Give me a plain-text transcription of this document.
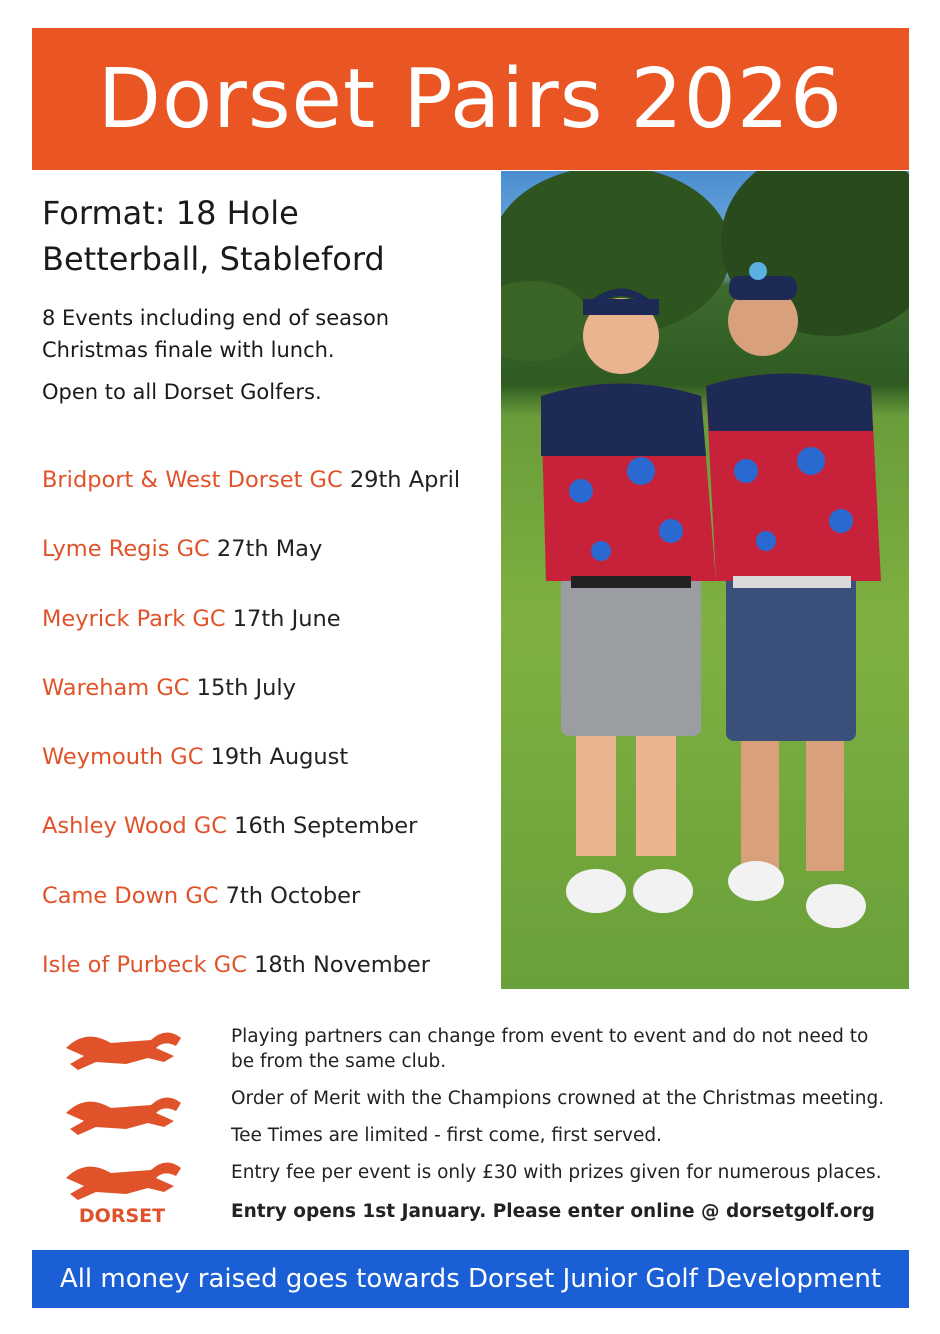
Dorset Pairs 2026
Format: 18 Hole
Betterball, Stableford

8 Events including end of season
Christmas finale with lunch.

Open to all Dorset Golfers.

Bridport & West Dorset GC 29th April
Lyme Regis GC 27th May
Meyrick Park GC 17th June
Wareham GC 15th July
Weymouth GC 19th August
Ashley Wood GC 16th September
Came Down GC 7th October
Isle of Purbeck GC 18th November
DORSET

Playing partners can change from event to event and do not need to be from the same club.

Order of Merit with the Champions crowned at the Christmas meeting.

Tee Times are limited - first come, first served.

Entry fee per event is only £30 with prizes given for numerous places.

Entry opens 1st January. Please enter online @ dorsetgolf.org

All money raised goes towards Dorset Junior Golf Development
